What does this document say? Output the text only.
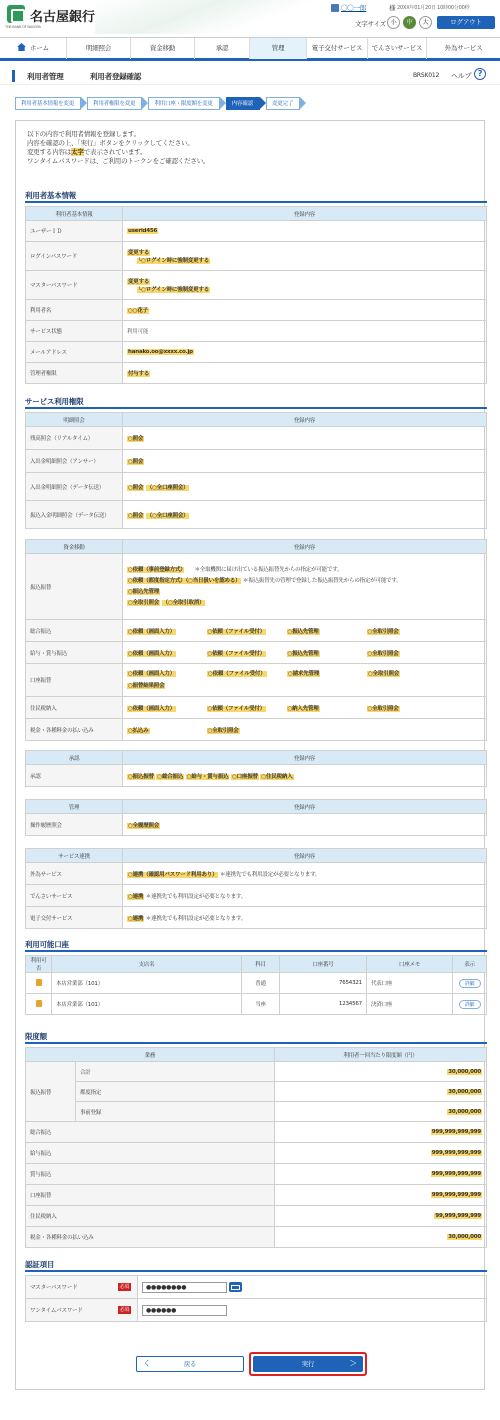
名古屋銀行
THE BANK OF NAGOYA
〇〇一郎	様 20XX年01月20日 10時00分00秒
文字サイズ 小	中	大	ログアウト
ホーム	明細照会	資金移動	承認	管理	電子交付サービス	でんさいサービス	外為サービス
利用者管理	利用者登録確認	BRSK012 ヘルプ ?
利用者基本情報を変更	利用者権限を変更	利用口座・限度額を変更	内容確認	変更完了
以下の内容で利用者情報を登録します。
内容を確認の上、「実行」ボタンをクリックしてください。
変更する内容は太字で表示されています。
ワンタイムパスワードは、ご利用のトークンをご確認ください。
利用者基本情報
利用者基本情報	登録内容
ユーザーＩＤ	userid456
ログインパスワード	変更する
└○ログイン時に強制変更する

マスターパスワード	変更する
└○ログイン時に強制変更する

利用者名	○○花子
サービス状態	利用可能
メールアドレス	hanako.oo@xxxx.co.jp
管理者権限	付与する
サービス利用権限
明細照会	登録内容
残高照会（リアルタイム）	○照会
入出金明細照会（アンサー）	○照会
入出金明細照会（データ伝送）	○照会 （○全口座照会）
振込入金明細照会（データ伝送）	○照会 （○全口座照会）
資金移動	登録内容			
振込振替	○依頼（事前登録方式）　　 ＊全取機関に届け出ている振込振替先からの指定が可能です。
○依頼（都度指定方式）（○当日扱いを認める） ＊振込振替先の管理で登録した振込振替先からの指定が可能です。
○振込先管理
○全取引照会 （○全取引取消）			

総合振込	○依頼（画面入力）	○依頼（ファイル受付）	○振込先管理	○全取引照会
給与・賞与振込	○依頼（画面入力）	○依頼（ファイル受付）	○振込先管理	○全取引照会
口座振替	○依頼（画面入力） ○依頼（ファイル受付） ○請求先管理 ○全取引照会
○振替結果照会			

住民税納入	○依頼（画面入力）	○依頼（ファイル受付）	○納入先管理	○全取引照会
税金・各種料金の払い込み	○払込み	○全取引照会		
承認	登録内容
承認	○振込振替 ○総合振込 ○給与・賞与振込 ○口座振替 ○住民税納入
管理	登録内容
操作履歴照会	○全履歴照会
サービス連携	登録内容
外為サービス	○連携（確認用パスワード利用あり） ＊連携先でも利用設定が必要となります。
でんさいサービス	○連携 ＊連携先でも利用設定が必要となります。
電子交付サービス	○連携 ＊連携先でも利用設定が必要となります。
利用可能口座
利用可否	支店名	科目	口座番号	口座メモ	表示
	本店営業部（101）	普通	7654321	代表口座	詳細
	本店営業部（101）	当座	1234567	決済口座	詳細
限度額
業務		利用者一回当たり限度額（円）
振込振替	合計	30,000,000
	都度指定	30,000,000
	事前登録	30,000,000
総合振込		999,999,999,999
給与振込		999,999,999,999
賞与振込		999,999,999,999
口座振替		999,999,999,999
住民税納入		99,999,999,999
税金・各種料金の払い込み		30,000,000
認証項目
マスターパスワード	必須	●●●●●●●●
ワンタイムパスワード	必須	●●●●●●
く	戻る	実行	＞
